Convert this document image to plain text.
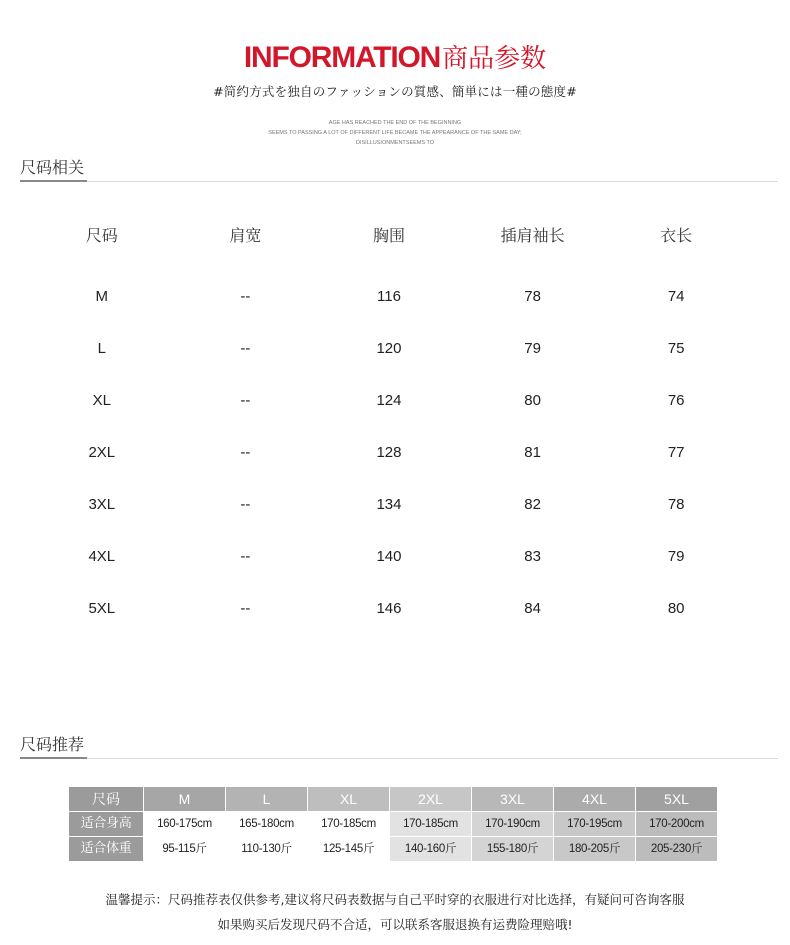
INFORMATION商品参数
#简约方式を独自のファッションの質感、簡単には一種の態度#
AGE HAS REACHED THE END OF THE BEGINNING
SEEMS TO PASSING A LOT OF DIFFERENT LIFE BECAME THE APPEARANCE OF THE SAME DAY;
DISILLUSIONMENTSEEMS TO
尺码相关
尺码	肩宽	胸围	插肩袖长	衣长
M	--	116	78	74
L	--	120	79	75
XL	--	124	80	76
2XL	--	128	81	77
3XL	--	134	82	78
4XL	--	140	83	79
5XL	--	146	84	80
尺码推荐
尺码	M	L	XL	2XL	3XL	4XL	5XL
适合身高	160-175cm	165-180cm	170-185cm	170-185cm	170-190cm	170-195cm	170-200cm
适合体重	95-115斤	110-130斤	125-145斤	140-160斤	155-180斤	180-205斤	205-230斤
温馨提示：尺码推荐表仅供参考,建议将尺码表数据与自己平时穿的衣服进行对比选择，有疑问可咨询客服
如果购买后发现尺码不合适，可以联系客服退换有运费险理赔哦!
